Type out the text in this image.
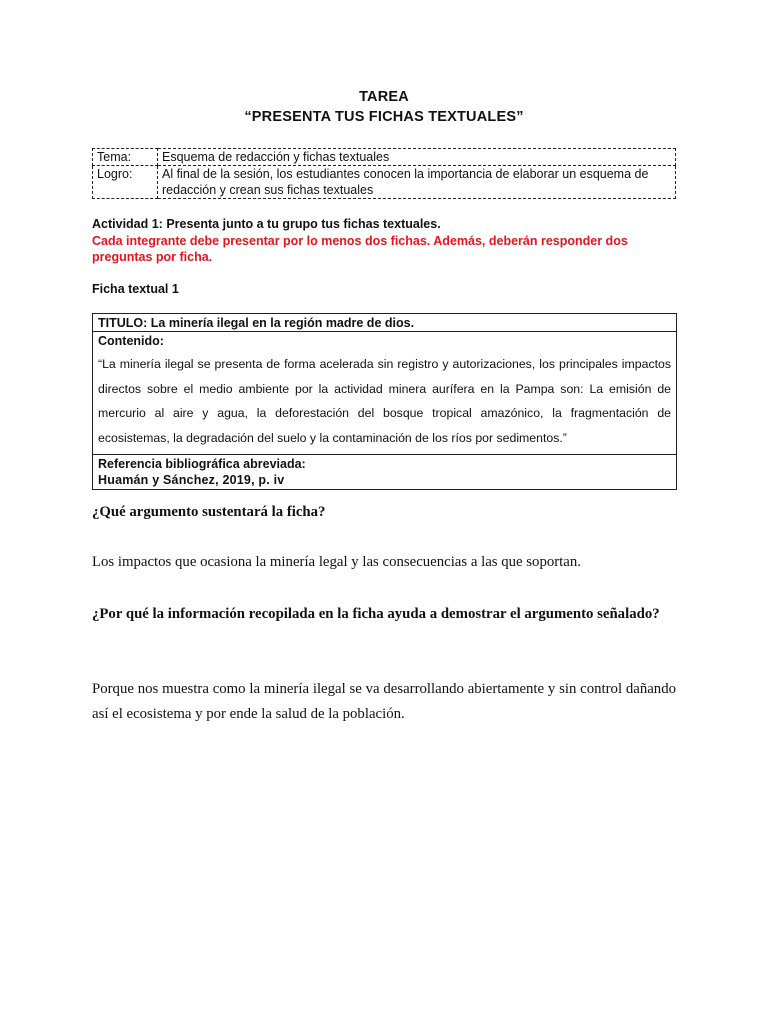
TAREA
“PRESENTA TUS FICHAS TEXTUALES”
Tema:	Esquema de redacción y fichas textuales
Logro:	Al final de la sesión, los estudiantes conocen la importancia de elaborar un esquema de redacción y crean sus fichas textuales
Actividad 1: Presenta junto a tu grupo tus fichas textuales.
Cada integrante debe presentar por lo menos dos fichas. Además, deberán responder dos preguntas por ficha.
Ficha textual 1
TITULO: La minería ilegal en la región madre de dios.
Contenido:
“La minería ilegal se presenta de forma acelerada sin registro y autorizaciones, los principales impactos directos sobre el medio ambiente por la actividad minera aurífera en la Pampa son: La emisión de mercurio al aire y agua, la deforestación del bosque tropical amazónico, la fragmentación de ecosistemas, la degradación del suelo y la contaminación de los ríos por sedimentos.”
Referencia bibliográfica abreviada:
Huamán y Sánchez, 2019, p. iv
¿Qué argumento sustentará la ficha?
Los impactos que ocasiona la minería legal y las consecuencias a las que soportan.
¿Por qué la información recopilada en la ficha ayuda a demostrar el argumento señalado?
Porque nos muestra como la minería ilegal se va desarrollando abiertamente y sin control dañando así el ecosistema y por ende la salud de la población.
